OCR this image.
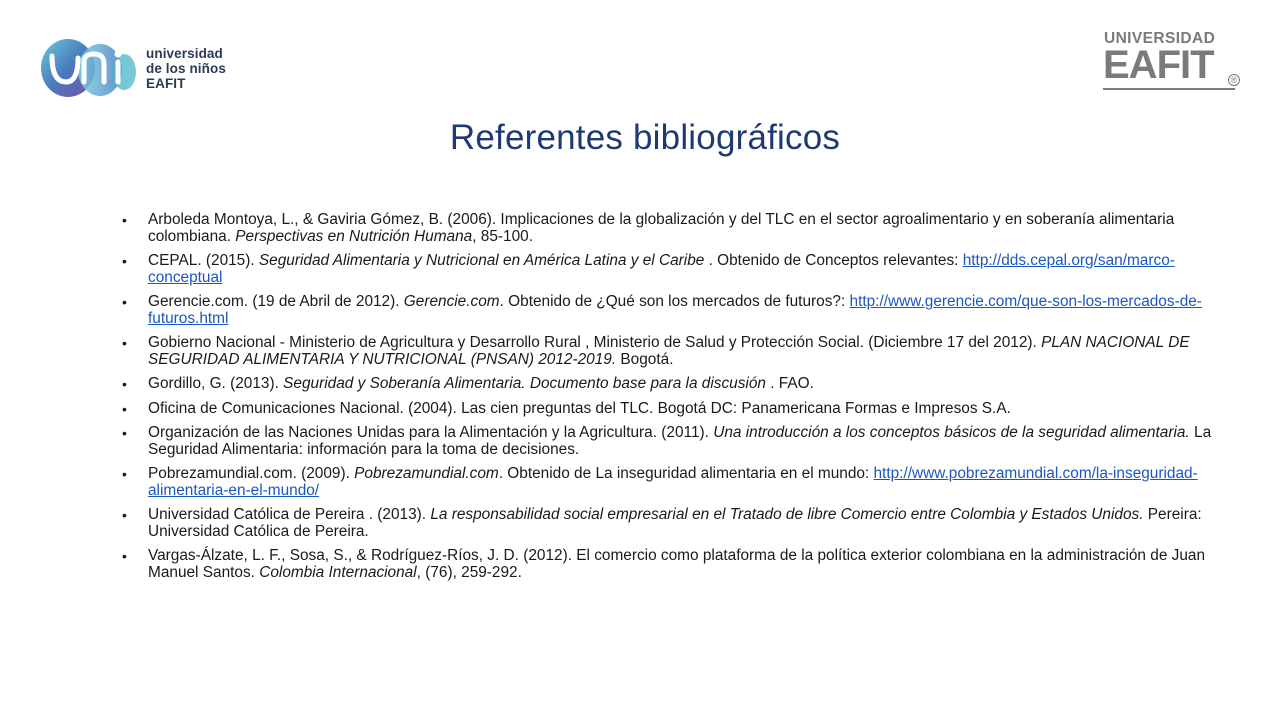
universidad
de los niños
EAFIT
UNIVERSIDAD
EAFIT ®
Referentes bibliográficos
• Arboleda Montoya, L., & Gaviria Gómez, B. (2006). Implicaciones de la globalización y del TLC en el sector agroalimentario y en soberanía alimentaria colombiana. Perspectivas en Nutrición Humana, 85-100.
• CEPAL. (2015). Seguridad Alimentaria y Nutricional en América Latina y el Caribe . Obtenido de Conceptos relevantes: http://dds.cepal.org/san/marco-conceptual
• Gerencie.com. (19 de Abril de 2012). Gerencie.com. Obtenido de ¿Qué son los mercados de futuros?: http://www.gerencie.com/que-son-los-mercados-de-futuros.html
• Gobierno Nacional - Ministerio de Agricultura y Desarrollo Rural , Ministerio de Salud y Protección Social. (Diciembre 17 del 2012). PLAN NACIONAL DE SEGURIDAD ALIMENTARIA Y NUTRICIONAL (PNSAN) 2012-2019. Bogotá.
• Gordillo, G. (2013). Seguridad y Soberanía Alimentaria. Documento base para la discusión . FAO.
• Oficina de Comunicaciones Nacional. (2004). Las cien preguntas del TLC. Bogotá DC: Panamericana Formas e Impresos S.A.
• Organización de las Naciones Unidas para la Alimentación y la Agricultura. (2011). Una introducción a los conceptos básicos de la seguridad alimentaria. La Seguridad Alimentaria: información para la toma de decisiones.
• Pobrezamundial.com. (2009). Pobrezamundial.com. Obtenido de La inseguridad alimentaria en el mundo: http://www.pobrezamundial.com/la-inseguridad-alimentaria-en-el-mundo/
• Universidad Católica de Pereira . (2013). La responsabilidad social empresarial en el Tratado de libre Comercio entre Colombia y Estados Unidos. Pereira: Universidad Católica de Pereira.
• Vargas-Álzate, L. F., Sosa, S., & Rodríguez-Ríos, J. D. (2012). El comercio como plataforma de la política exterior colombiana en la administración de Juan Manuel Santos. Colombia Internacional, (76), 259-292.
